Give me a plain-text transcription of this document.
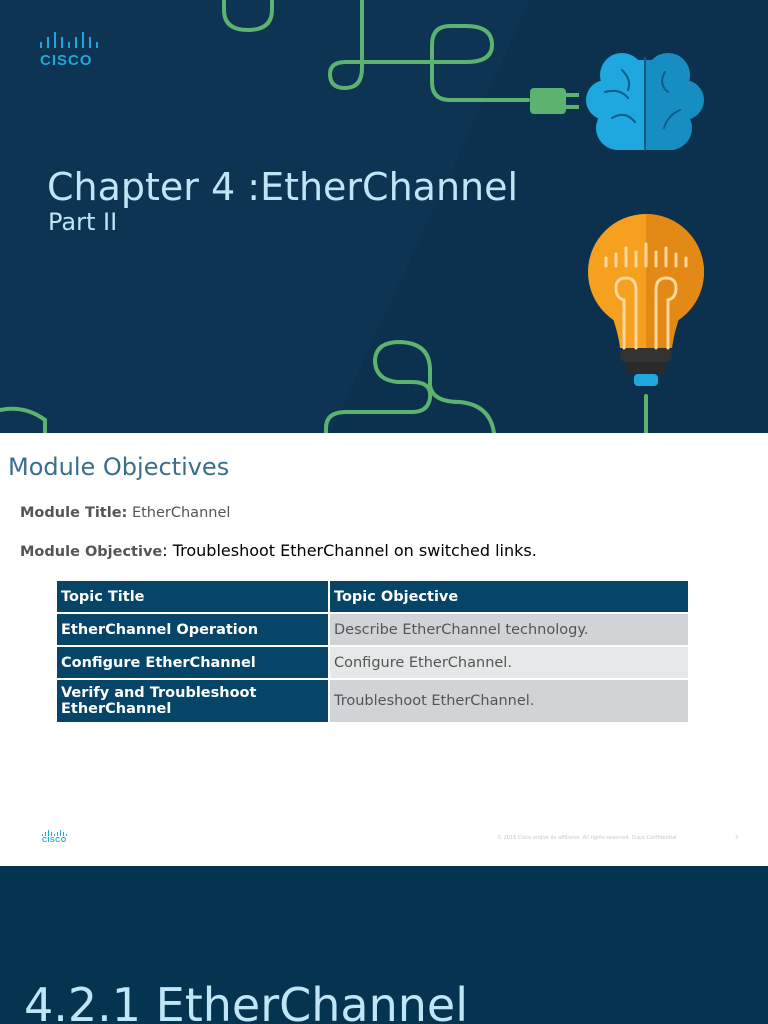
CISCO
Chapter 4 :EtherChannel
Part II
Module Objectives
Module Title: EtherChannel
Module Objective: Troubleshoot EtherChannel on switched links.
Topic Title	Topic Objective
EtherChannel Operation	Describe EtherChannel technology.
Configure EtherChannel	Configure EtherChannel.
Verify and Troubleshoot EtherChannel	Troubleshoot EtherChannel.
CISCO	© 2016 Cisco and/or its affiliates. All rights reserved. Cisco Confidential	3
4.2.1 EtherChannel
